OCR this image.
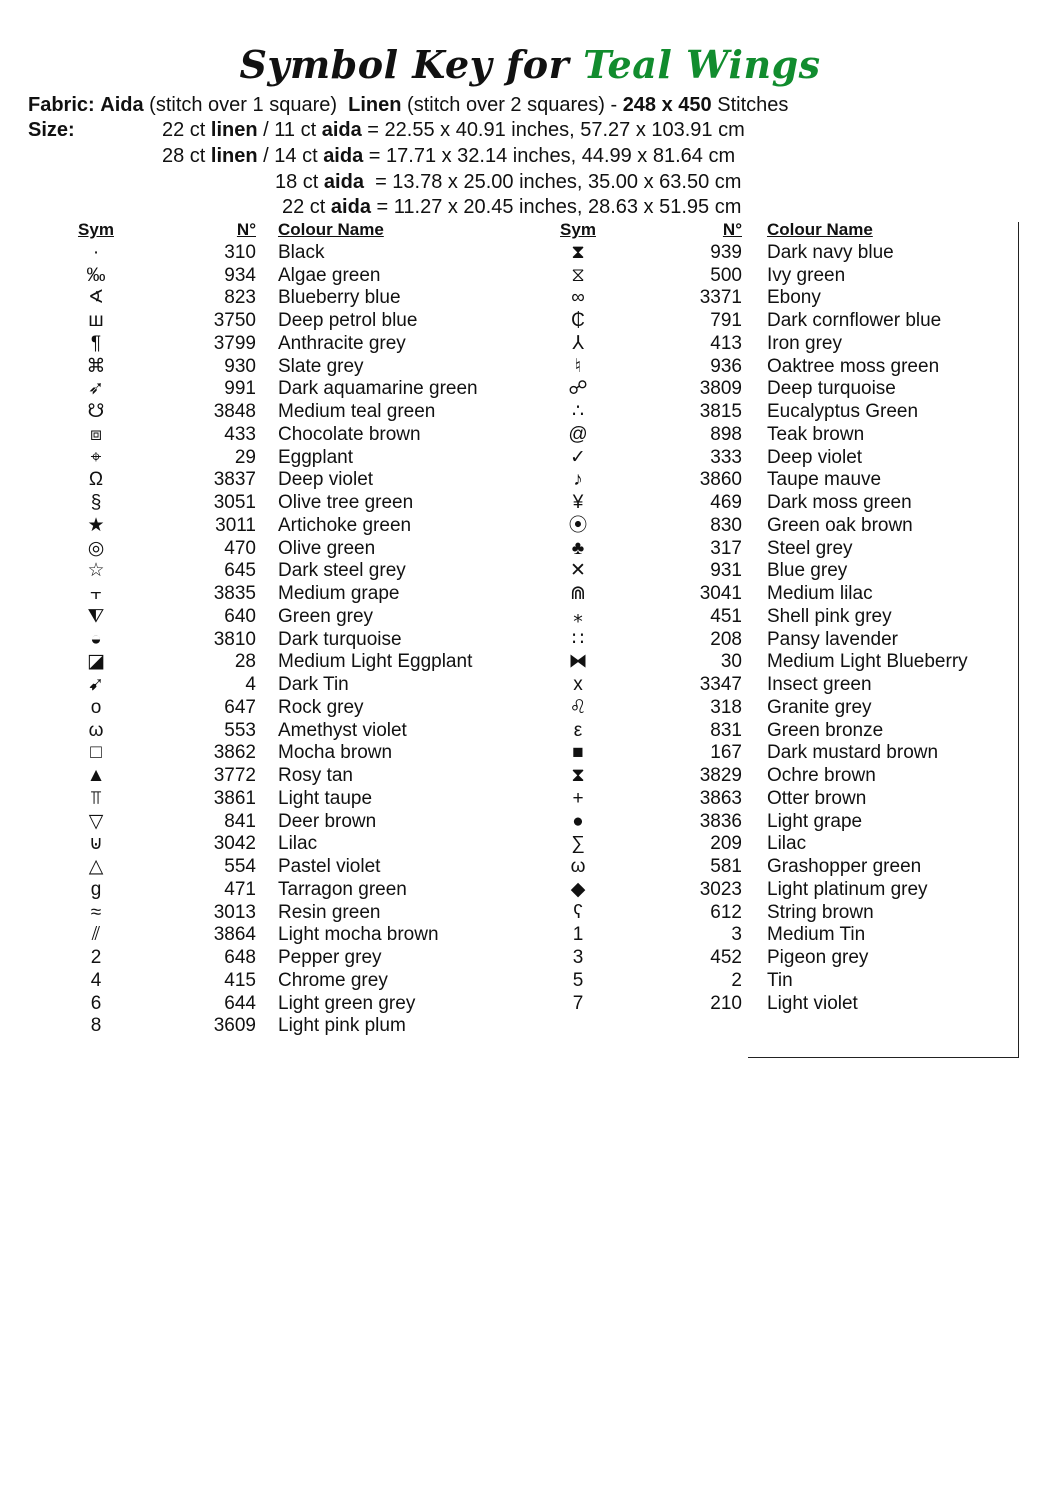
Symbol Key for Teal Wings
Fabric: Aida (stitch over 1 square) Linen (stitch over 2 squares) - 248 x 450 Stitches
Size:	22 ct linen / 11 ct aida = 22.55 x 40.91 inches, 57.27 x 103.91 cm
28 ct linen / 14 ct aida = 17.71 x 32.14 inches, 44.99 x 81.64 cm
18 ct aida  = 13.78 x 25.00 inches, 35.00 x 63.50 cm
22 ct aida = 11.27 x 20.45 inches, 28.63 x 51.95 cm
Sym	N° Colour Name
·	310 Black
‰	934 Algae green
∢	823 Blueberry blue
ш	3750 Deep petrol blue
¶	3799 Anthracite grey
⌘	930 Slate grey
➶	991 Dark aquamarine green
☋	3848 Medium teal green
⧈	433 Chocolate brown
⌖	29 Eggplant
Ω	3837 Deep violet
§	3051 Olive tree green
★	3011 Artichoke green
◎	470 Olive green
☆	645 Dark steel grey
⫟	3835 Medium grape
⧨	640 Green grey
◒	3810 Dark turquoise
◪	28 Medium Light Eggplant
➹	4 Dark Tin
o	647 Rock grey
ω	553 Amethyst violet
□	3862 Mocha brown
▲	3772 Rosy tan
⫪	3861 Light taupe
▽	841 Deer brown
⊍	3042 Lilac
△	554 Pastel violet
g	471 Tarragon green
≈	3013 Resin green
⫽	3864 Light mocha brown
2	648 Pepper grey
4	415 Chrome grey
6	644 Light green grey
8	3609 Light pink plum
Sym	N° Colour Name
⧗	939 Dark navy blue
⧖	500 Ivy green
∞	3371 Ebony
₵	791 Dark cornflower blue
⅄	413 Iron grey
♮	936 Oaktree moss green
☍	3809 Deep turquoise
∴	3815 Eucalyptus Green
@	898 Teak brown
✓	333 Deep violet
♪	3860 Taupe mauve
¥	469 Dark moss green
⦿	830 Green oak brown
♣	317 Steel grey
✕	931 Blue grey
⋒	3041 Medium lilac
⁎	451 Shell pink grey
∷	208 Pansy lavender
⧓	30 Medium Light Blueberry
x	3347 Insect green
♌	318 Granite grey
ε	831 Green bronze
■	167 Dark mustard brown
⧗	3829 Ochre brown
+	3863 Otter brown
●	3836 Light grape
∑	209 Lilac
ω	581 Grashopper green
◆	3023 Light platinum grey
ʕ	612 String brown
1	3 Medium Tin
3	452 Pigeon grey
5	2 Tin
7	210 Light violet
